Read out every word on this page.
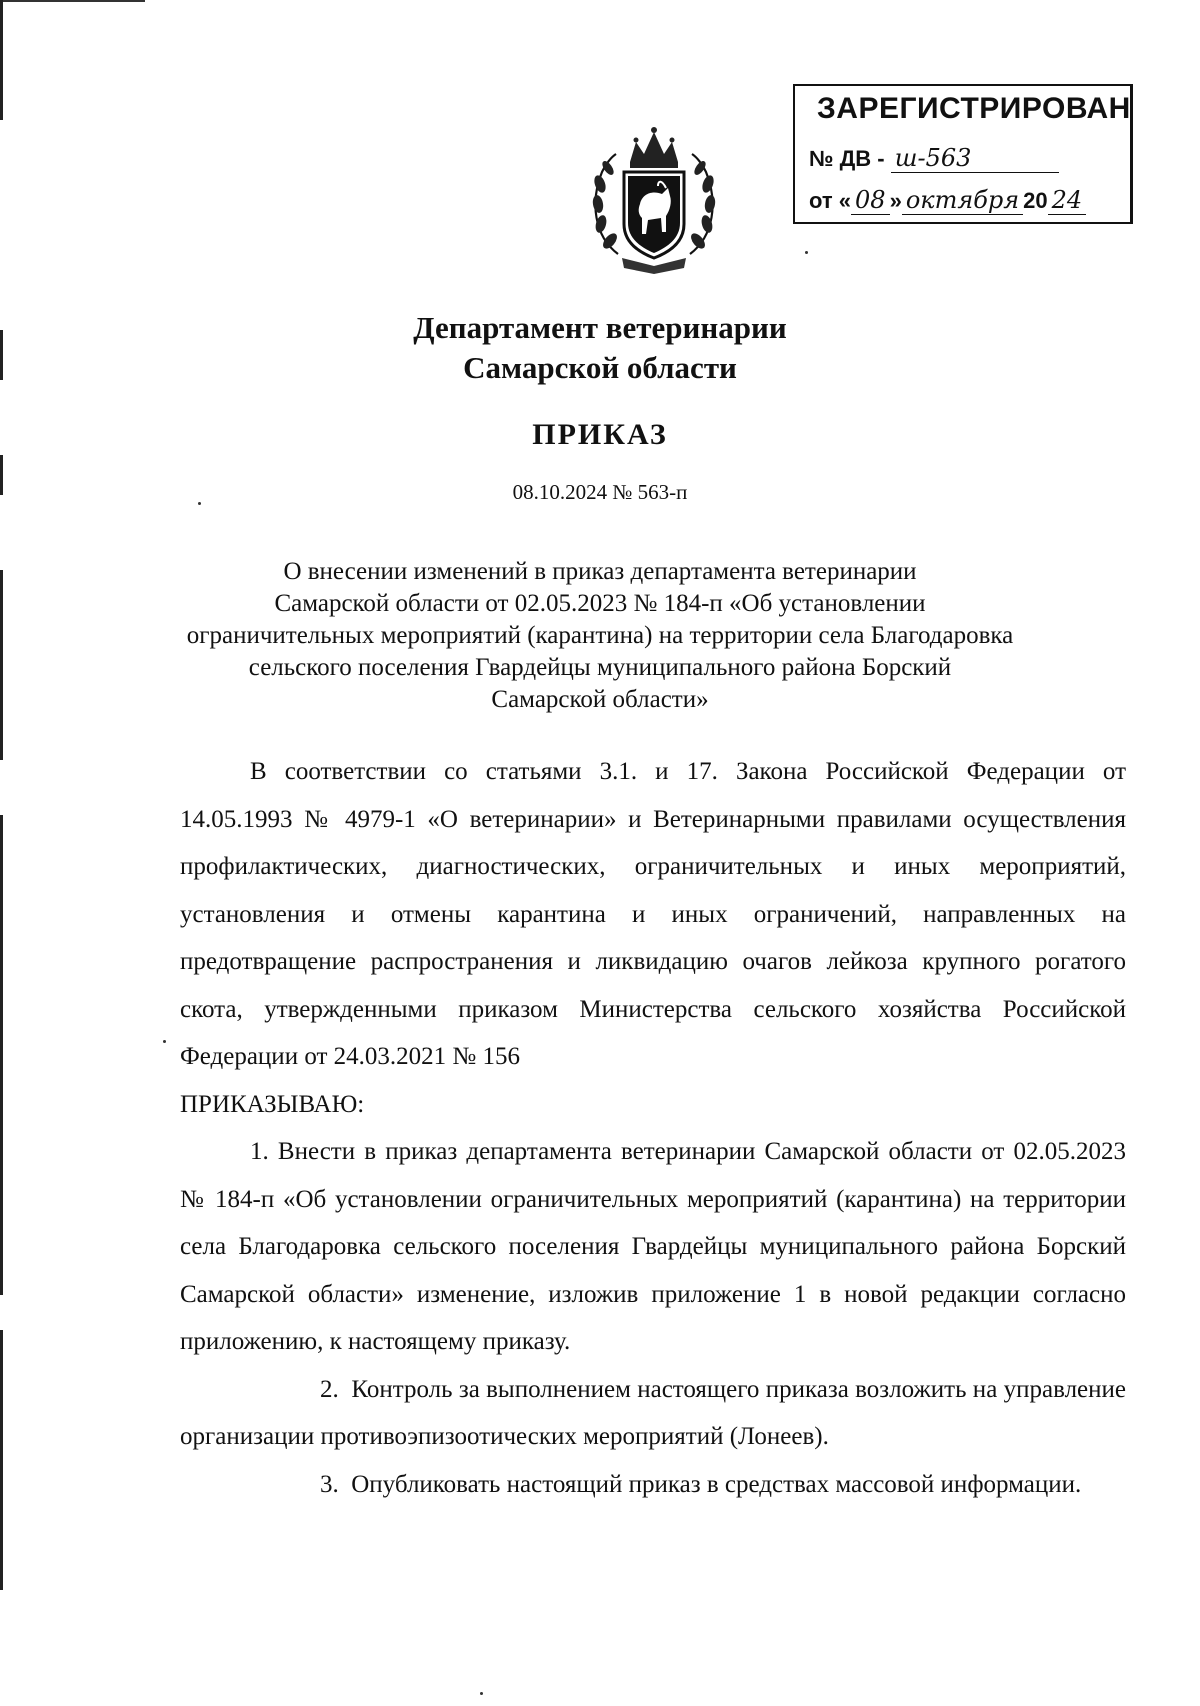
ЗАРЕГИСТРИРОВАН
№ ДВ - ш-563
от « 08 » октября 20 24
Департамент ветеринарии
Самарской области
ПРИКАЗ
08.10.2024 № 563-п
О внесении изменений в приказ департамента ветеринарии
Самарской области от 02.05.2023 № 184-п «Об установлении
ограничительных мероприятий (карантина) на территории села Благодаровка
сельского поселения Гвардейцы муниципального района Борский
Самарской области»

В соответствии со статьями 3.1. и 17. Закона Российской Федерации от 14.05.1993 № 4979-1 «О ветеринарии» и Ветеринарными правилами осуществления профилактических, диагностических, ограничительных и иных мероприятий, установления и отмены карантина и иных ограничений, направленных на предотвращение распространения и ликвидацию очагов лейкоза крупного рогатого скота, утвержденными приказом Министерства сельского хозяйства Российской Федерации от 24.03.2021 № 156

ПРИКАЗЫВАЮ:

1. Внести в приказ департамента ветеринарии Самарской области от 02.05.2023 № 184-п «Об установлении ограничительных мероприятий (карантина) на территории села Благодаровка сельского поселения Гвардейцы муниципального района Борский Самарской области» изменение, изложив приложение 1 в новой редакции согласно приложению, к настоящему приказу.

2. Контроль за выполнением настоящего приказа возложить на управление организации противоэпизоотических мероприятий (Лонеев).

3. Опубликовать настоящий приказ в средствах массовой информации.
